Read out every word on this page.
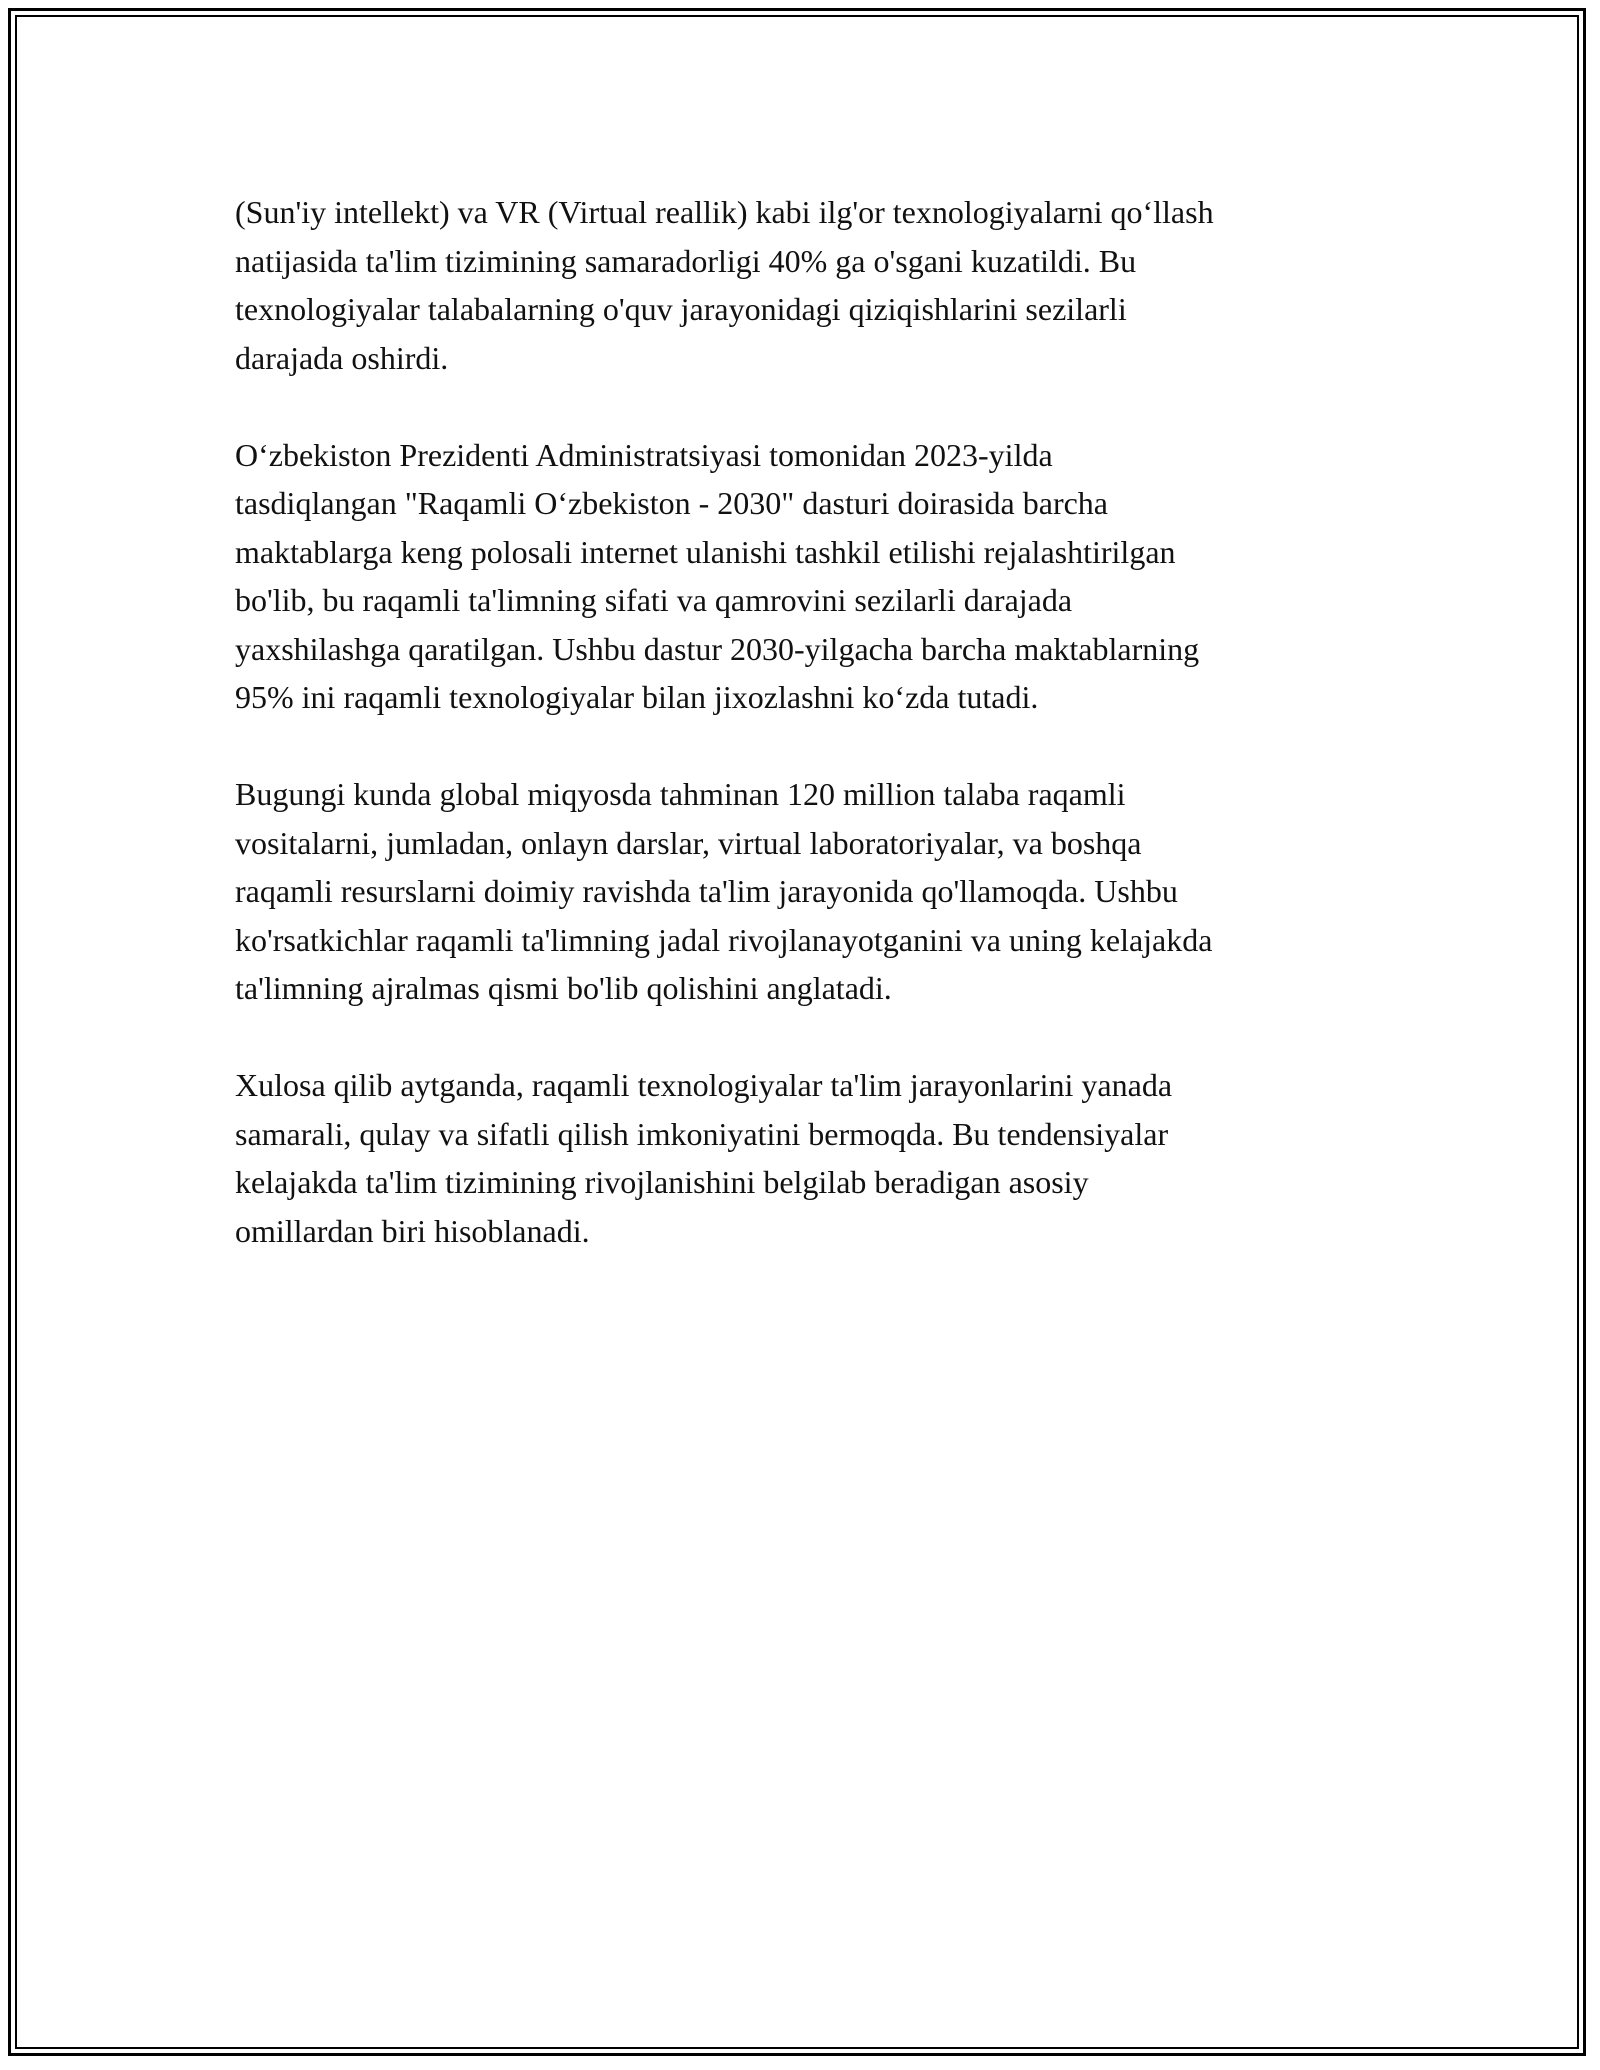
(Sun'iy intellekt) va VR (Virtual reallik) kabi ilg'or texnologiyalarni qo‘llash
natijasida ta'lim tizimining samaradorligi 40% ga o'sgani kuzatildi. Bu
texnologiyalar talabalarning o'quv jarayonidagi qiziqishlarini sezilarli
darajada oshirdi.

O‘zbekiston Prezidenti Administratsiyasi tomonidan 2023-yilda
tasdiqlangan "Raqamli O‘zbekiston - 2030" dasturi doirasida barcha
maktablarga keng polosali internet ulanishi tashkil etilishi rejalashtirilgan
bo'lib, bu raqamli ta'limning sifati va qamrovini sezilarli darajada
yaxshilashga qaratilgan. Ushbu dastur 2030-yilgacha barcha maktablarning
95% ini raqamli texnologiyalar bilan jixozlashni ko‘zda tutadi.

Bugungi kunda global miqyosda tahminan 120 million talaba raqamli
vositalarni, jumladan, onlayn darslar, virtual laboratoriyalar, va boshqa
raqamli resurslarni doimiy ravishda ta'lim jarayonida qo'llamoqda. Ushbu
ko'rsatkichlar raqamli ta'limning jadal rivojlanayotganini va uning kelajakda
ta'limning ajralmas qismi bo'lib qolishini anglatadi.

Xulosa qilib aytganda, raqamli texnologiyalar ta'lim jarayonlarini yanada
samarali, qulay va sifatli qilish imkoniyatini bermoqda. Bu tendensiyalar
kelajakda ta'lim tizimining rivojlanishini belgilab beradigan asosiy
omillardan biri hisoblanadi.
